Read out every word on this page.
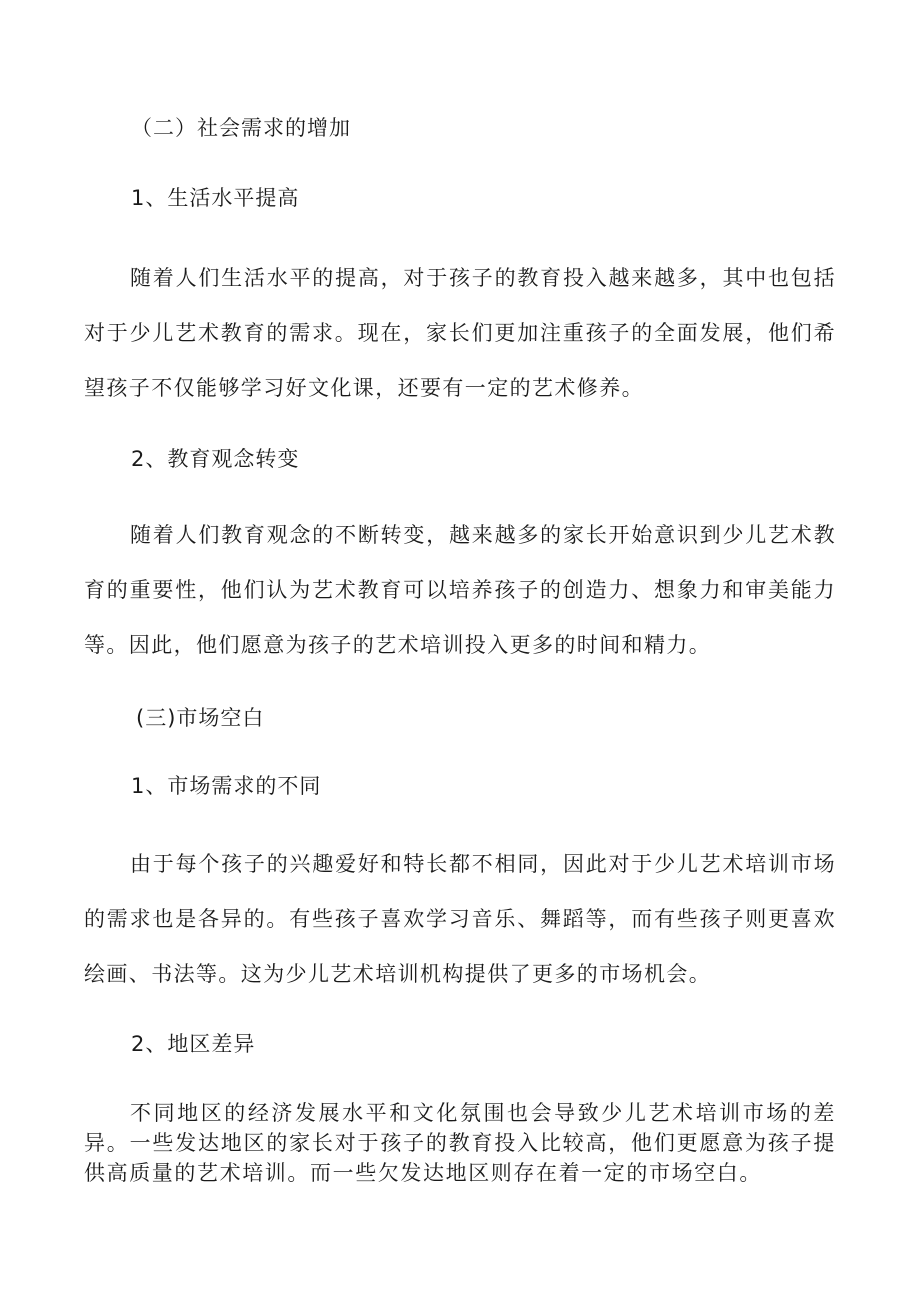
（二）社会需求的增加
1、生活水平提高
随着人们生活水平的提高，对于孩子的教育投入越来越多，其中也包括对于少儿艺术教育的需求。现在，家长们更加注重孩子的全面发展，他们希望孩子不仅能够学习好文化课，还要有一定的艺术修养。
2、教育观念转变
随着人们教育观念的不断转变，越来越多的家长开始意识到少儿艺术教育的重要性，他们认为艺术教育可以培养孩子的创造力、想象力和审美能力等。因此，他们愿意为孩子的艺术培训投入更多的时间和精力。
(三)市场空白
1、市场需求的不同
由于每个孩子的兴趣爱好和特长都不相同，因此对于少儿艺术培训市场的需求也是各异的。有些孩子喜欢学习音乐、舞蹈等，而有些孩子则更喜欢绘画、书法等。这为少儿艺术培训机构提供了更多的市场机会。
2、地区差异
不同地区的经济发展水平和文化氛围也会导致少儿艺术培训市场的差异。一些发达地区的家长对于孩子的教育投入比较高，他们更愿意为孩子提供高质量的艺术培训。而一些欠发达地区则存在着一定的市场空白。
